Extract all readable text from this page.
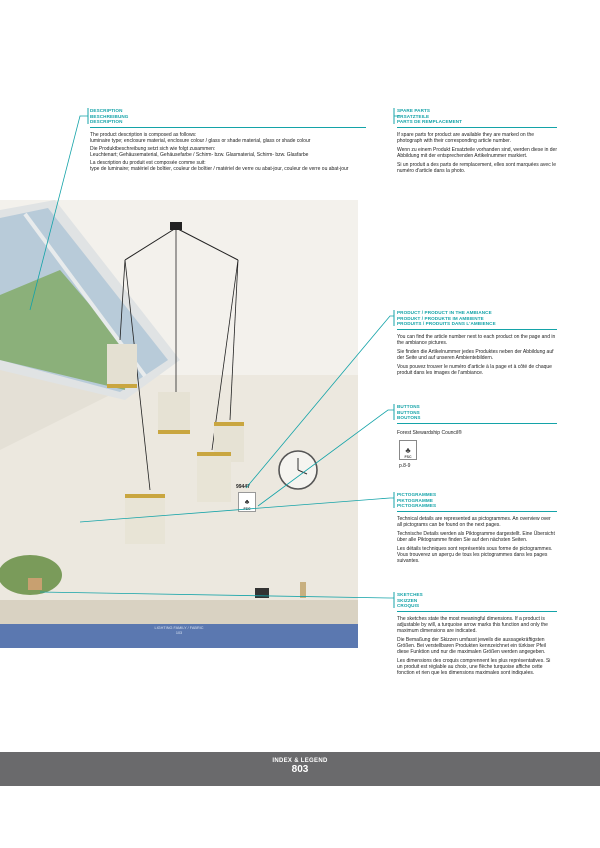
99447
♣
FSC
LIGHTING FAMILY / FABRIC
103
DESCRIPTION
BESCHREIBUNG
DESCRIPTION
The product description is composed as follows:
luminaire type; enclosure material, enclosure colour / glass or shade material, glass or shade colour
Die Produktbeschreibung setzt sich wie folgt zusammen:
Leuchtenart; Gehäusematerial, Gehäusefarbe / Schirm- bzw. Glasmaterial, Schirm- bzw. Glasfarbe
La description du produit est composée comme suit:
type de luminaire; matériel de boîtier, couleur de boîtier / matériel de verre ou abat-jour, couleur de verre ou abat-jour
SPARE PARTS
ERSATZTEILE
PARTS DE REMPLACEMENT

If spare parts for product are available they are marked on the photograph with their corresponding article number.

Wenn zu einem Produkt Ersatzteile vorhanden sind, werden diese in der Abbildung mit der entsprechenden Artikelnummer markiert.

Si un produit a des parts de remplacement, elles sont marquées avec le numéro d'article dans la photo.

PRODUCT / PRODUCT IN THE AMBIANCE
PRODUKT / PRODUKTE IM AMBIENTE
PRODUITS / PRODUITS DANS L'AMBIENCE

You can find the article number next to each product on the page and in the ambiance pictures.

Sie finden die Artikelnummer jedes Produktes neben der Abbildung auf der Seite und auf unseren Ambientebildern.

Vous pouvez trouver le numéro d'article à la page et à côté de chaque produit dans les images de l'ambiance.

BUTTONS
BUTTONS
BOUTONS
Forest Stewardship Council®
♣
FSC
p.8-9
PICTOGRAMMES
PIKTOGRAMME
PICTOGRAMMES

Technical details are represented as pictogrammes. An overview over all pictograms can be found on the next pages.

Technische Details werden als Piktogramme dargestellt. Eine Übersicht über alle Piktogramme finden Sie auf den nächsten Seiten.

Les détails techniques sont représentés sous forme de pictogrammes. Vous trouverez un aperçu de tous les pictogrammes dans les pages suivantes.

SKETCHES
SKIZZEN
CROQUIS

The sketches state the most meaningful dimensions. If a product is adjustable by will, a turquoise arrow marks this function and only the maximum dimensions are indicated.

Die Bemaßung der Skizzen umfasst jeweils die aussagekräftigsten Größen. Bei verstellbaren Produkten kennzeichnet ein türkiser Pfeil diese Funktion und nur die maximalen Größen werden angegeben.

Les dimensions des croquis comprennent les plus représentatives. Si un produit est réglable au choix, une flèche turquoise affiche cette fonction et rien que les dimensions maximales sont indiquées.

INDEX & LEGEND
803
